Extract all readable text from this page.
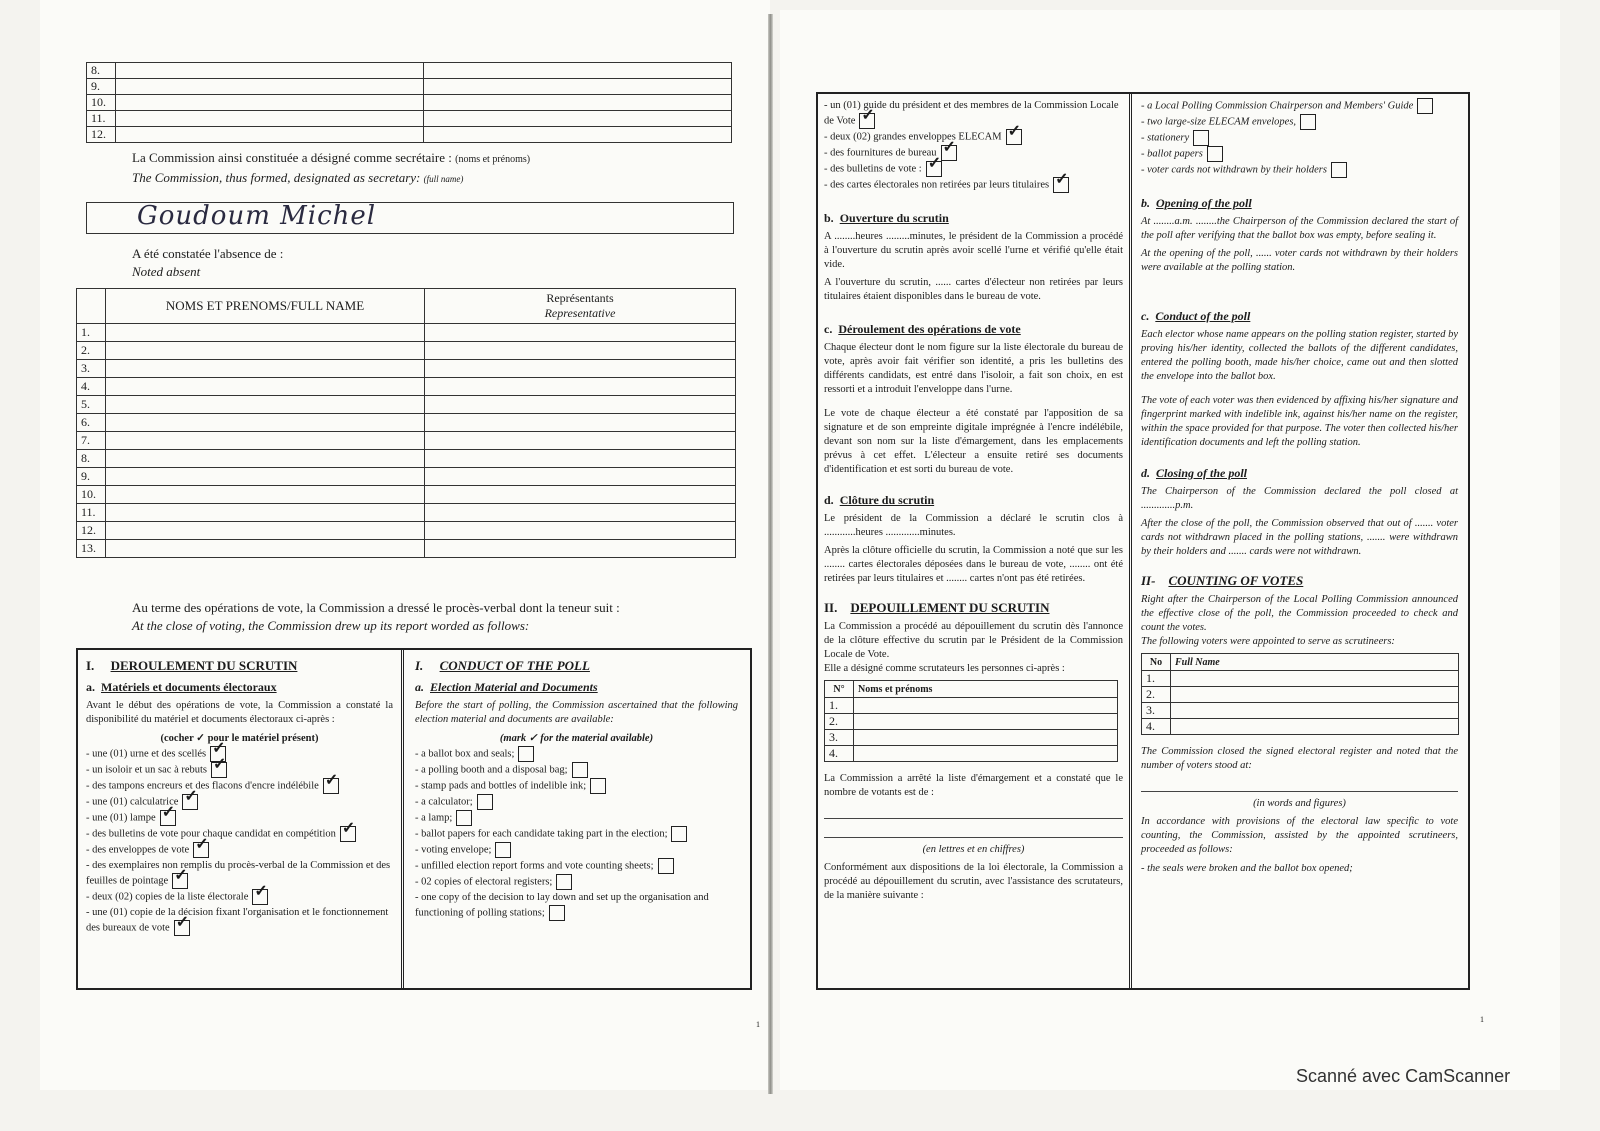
8.		
9.		
10.		
11.		
12.		
La Commission ainsi constituée a désigné comme secrétaire : (noms et prénoms)
The Commission, thus formed, designated as secretary: (full name)
Goudoum Michel
A été constatée l'absence de :
Noted absent
	NOMS ET PRENOMS/FULL NAME	Représentants
Representative

1.		
2.		
3.		
4.		
5.		
6.		
7.		
8.		
9.		
10.		
11.		
12.		
13.		
Au terme des opérations de vote, la Commission a dressé le procès-verbal dont la teneur suit :
At the close of voting, the Commission drew up its report worded as follows:
I. DEROULEMENT DU SCRUTIN
a. Matériels et documents électoraux

Avant le début des opérations de vote, la Commission a constaté la disponibilité du matériel et documents électoraux ci-après :

(cocher ✓ pour le matériel présent)
- une (01) urne et des scellés✓
- un isoloir et un sac à rebuts✓
- des tampons encreurs et des flacons d'encre indélébile✓
- une (01) calculatrice✓
- une (01) lampe✓
- des bulletins de vote pour chaque candidat en compétition✓
- des enveloppes de vote✓
- des exemplaires non remplis du procès-verbal de la Commission et des feuilles de pointage✓
- deux (02) copies de la liste électorale✓
- une (01) copie de la décision fixant l'organisation et le fonctionnement des bureaux de vote✓
I. CONDUCT OF THE POLL
a. Election Material and Documents

Before the start of polling, the Commission ascertained that the following election material and documents are available:

(mark ✓ for the material available)
- a ballot box and seals;
- a polling booth and a disposal bag;
- stamp pads and bottles of indelible ink;
- a calculator;
- a lamp;
- ballot papers for each candidate taking part in the election;
- voting envelope;
- unfilled election report forms and vote counting sheets;
- 02 copies of electoral registers;
- one copy of the decision to lay down and set up the organisation and functioning of polling stations;
1
- un (01) guide du président et des membres de la Commission Locale de Vote✓
- deux (02) grandes enveloppes ELECAM✓
- des fournitures de bureau✓
- des bulletins de vote :✓
- des cartes électorales non retirées par leurs titulaires✓
b. Ouverture du scrutin

A ........heures .........minutes, le président de la Commission a procédé à l'ouverture du scrutin après avoir scellé l'urne et vérifié qu'elle était vide.

A l'ouverture du scrutin, ...... cartes d'électeur non retirées par leurs titulaires étaient disponibles dans le bureau de vote.

c. Déroulement des opérations de vote

Chaque électeur dont le nom figure sur la liste électorale du bureau de vote, après avoir fait vérifier son identité, a pris les bulletins des différents candidats, est entré dans l'isoloir, a fait son choix, en est ressorti et a introduit l'enveloppe dans l'urne.

Le vote de chaque électeur a été constaté par l'apposition de sa signature et de son empreinte digitale imprégnée à l'encre indélébile, devant son nom sur la liste d'émargement, dans les emplacements prévus à cet effet. L'électeur a ensuite retiré ses documents d'identification et est sorti du bureau de vote.

d. Clôture du scrutin

Le président de la Commission a déclaré le scrutin clos à ............heures .............minutes.

Après la clôture officielle du scrutin, la Commission a noté que sur les ........ cartes électorales déposées dans le bureau de vote, ........ ont été retirées par leurs titulaires et ........ cartes n'ont pas été retirées.

II. DEPOUILLEMENT DU SCRUTIN

La Commission a procédé au dépouillement du scrutin dès l'annonce de la clôture effective du scrutin par le Président de la Commission Locale de Vote.

Elle a désigné comme scrutateurs les personnes ci-après :

N°	Noms et prénoms
1.	
2.	
3.	
4.	

La Commission a arrêté la liste d'émargement et a constaté que le nombre de votants est de :

(en lettres et en chiffres)

Conformément aux dispositions de la loi électorale, la Commission a procédé au dépouillement du scrutin, avec l'assistance des scrutateurs, de la manière suivante :

- a Local Polling Commission Chairperson and Members' Guide
- two large-size ELECAM envelopes,
- stationery
- ballot papers
- voter cards not withdrawn by their holders
b. Opening of the poll

At ........a.m. ........the Chairperson of the Commission declared the start of the poll after verifying that the ballot box was empty, before sealing it.

At the opening of the poll, ...... voter cards not withdrawn by their holders were available at the polling station.

c. Conduct of the poll

Each elector whose name appears on the polling station register, started by proving his/her identity, collected the ballots of the different candidates, entered the polling booth, made his/her choice, came out and then slotted the envelope into the ballot box.

The vote of each voter was then evidenced by affixing his/her signature and fingerprint marked with indelible ink, against his/her name on the register, within the space provided for that purpose. The voter then collected his/her identification documents and left the polling station.

d. Closing of the poll

The Chairperson of the Commission declared the poll closed at .............p.m.

After the close of the poll, the Commission observed that out of ....... voter cards not withdrawn placed in the polling stations, ....... were withdrawn by their holders and ....... cards were not withdrawn.

II- COUNTING OF VOTES

Right after the Chairperson of the Local Polling Commission announced the effective close of the poll, the Commission proceeded to check and count the votes.

The following voters were appointed to serve as scrutineers:

No	Full Name
1.	
2.	
3.	
4.	

The Commission closed the signed electoral register and noted that the number of voters stood at:

(in words and figures)

In accordance with provisions of the electoral law specific to vote counting, the Commission, assisted by the appointed scrutineers, proceeded as follows:

- the seals were broken and the ballot box opened;
1
Scanné avec CamScanner
